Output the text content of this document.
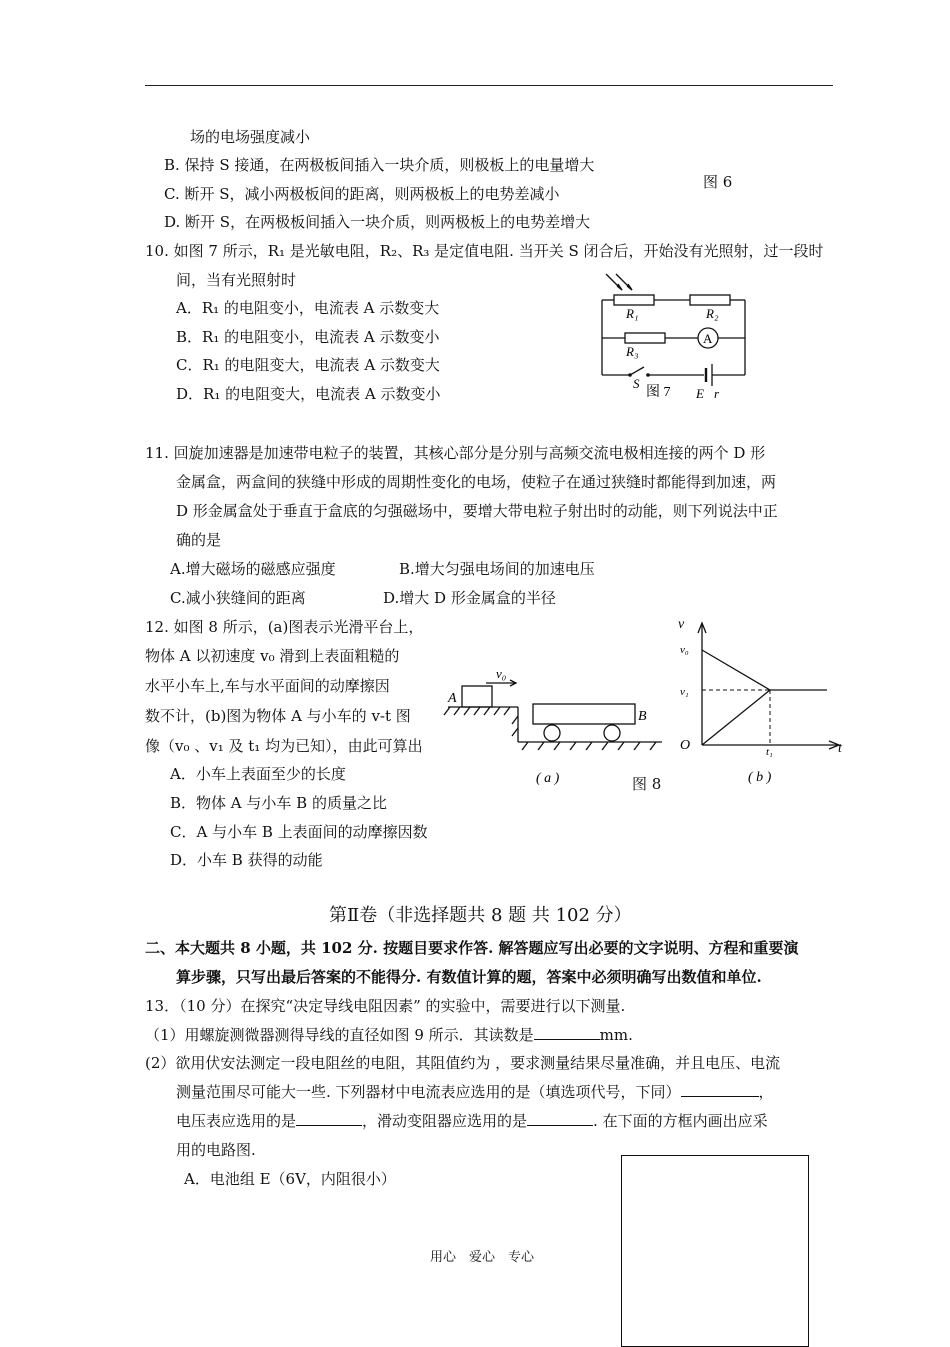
场的电场强度减小
B. 保持 S 接通，在两极板间插入一块介质，则极板上的电量增大
C. 断开 S，减小两极板间的距离，则两极板上的电势差减小
D. 断开 S，在两极板间插入一块介质，则两极板上的电势差增大
图 6
10. 如图 7 所示，R₁ 是光敏电阻，R₂、R₃ 是定值电阻. 当开关 S 闭合后，开始没有光照射，过一段时
间，当有光照射时
A．R₁ 的电阻变小，电流表 A 示数变大
B．R₁ 的电阻变小，电流表 A 示数变小
C．R₁ 的电阻变大，电流表 A 示数变大
D．R₁ 的电阻变大，电流表 A 示数变小
R₁	R₂
R₃
A
S
图 7 E r
11. 回旋加速器是加速带电粒子的装置，其核心部分是分别与高频交流电极相连接的两个 D 形
金属盒，两盒间的狭缝中形成的周期性变化的电场，使粒子在通过狭缝时都能得到加速，两
D 形金属盒处于垂直于盒底的匀强磁场中，要增大带电粒子射出时的动能，则下列说法中正
确的是
A.增大磁场的磁感应强度	B.增大匀强电场间的加速电压
C.减小狭缝间的距离	D.增大 D 形金属盒的半径
12. 如图 8 所示，(a)图表示光滑平台上，
物体 A 以初速度 v₀ 滑到上表面粗糙的
水平小车上,车与水平面间的动摩擦因
数不计，(b)图为物体 A 与小车的 v-t 图
像（v₀ 、v₁ 及 t₁ 均为已知），由此可算出
A．小车上表面至少的长度
B．物体 A 与小车 B 的质量之比
C．A 与小车 B 上表面间的动摩擦因数
D．小车 B 获得的动能
A
v₀
B
( a )	图 8
v
v₀
v₁
O	t₁	t
( b )
第Ⅱ卷（非选择题共 8 题 共 102 分）
二、本大题共 8 小题，共 102 分. 按题目要求作答. 解答题应写出必要的文字说明、方程和重要演
算步骤，只写出最后答案的不能得分. 有数值计算的题，答案中必须明确写出数值和单位.
13．（10 分）在探究“决定导线电阻因素” 的实验中，需要进行以下测量.
（1）用螺旋测微器测得导线的直径如图 9 所示．其读数是	mm.
(2）欲用伏安法测定一段电阻丝的电阻，其阻值约为 ，要求测量结果尽量准确，并且电压、电流
测量范围尽可能大一些. 下列器材中电流表应选用的是（填选项代号，下同）	，
电压表应选用的是	，滑动变阻器应选用的是	. 在下面的方框内画出应采
用的电路图.
A．电池组 E（6V，内阻很小）
用心　爱心　专心
